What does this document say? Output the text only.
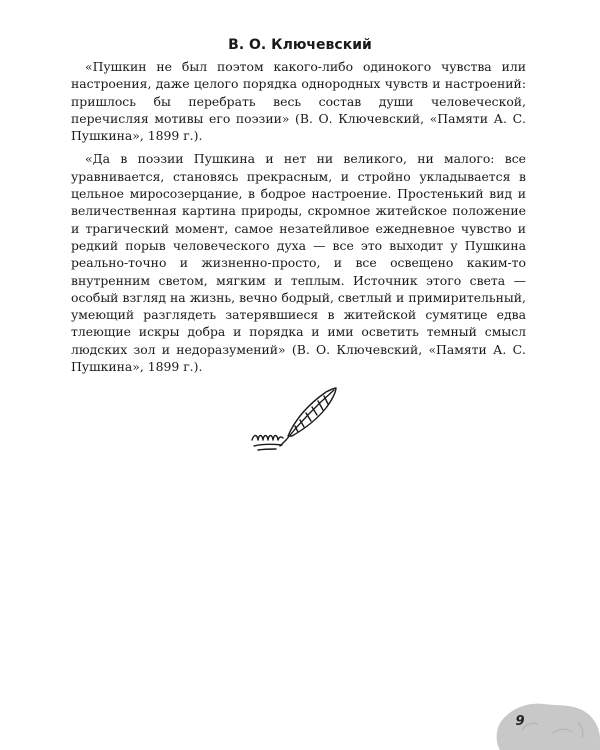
В. О. Ключевский

«Пушкин не был поэтом какого-либо одинокого чувства или настроения, даже целого порядка однородных чувств и настроений: пришлось бы перебрать весь состав души человеческой, перечисляя мотивы его поэзии» (В. О. Ключевский, «Памяти А. С. Пушкина», 1899 г.).

«Да в поэзии Пушкина и нет ни великого, ни малого: все уравнивается, становясь прекрасным, и стройно укладывается в цельное миросозерцание, в бодрое настроение. Простенький вид и величественная картина природы, скромное житейское положение и трагический момент, самое незатейливое ежедневное чувство и редкий порыв человеческого духа — все это выходит у Пушкина реально-точно и жизненно-просто, и все освещено каким-то внутренним светом, мягким и теплым. Источник этого света — особый взгляд на жизнь, вечно бодрый, светлый и примирительный, умеющий разглядеть затерявшиеся в житейской сумятице едва тлеющие искры добра и порядка и ими осветить темный смысл людских зол и недоразумений» (В. О. Ключевский, «Памяти А. С. Пушкина», 1899 г.).

9
